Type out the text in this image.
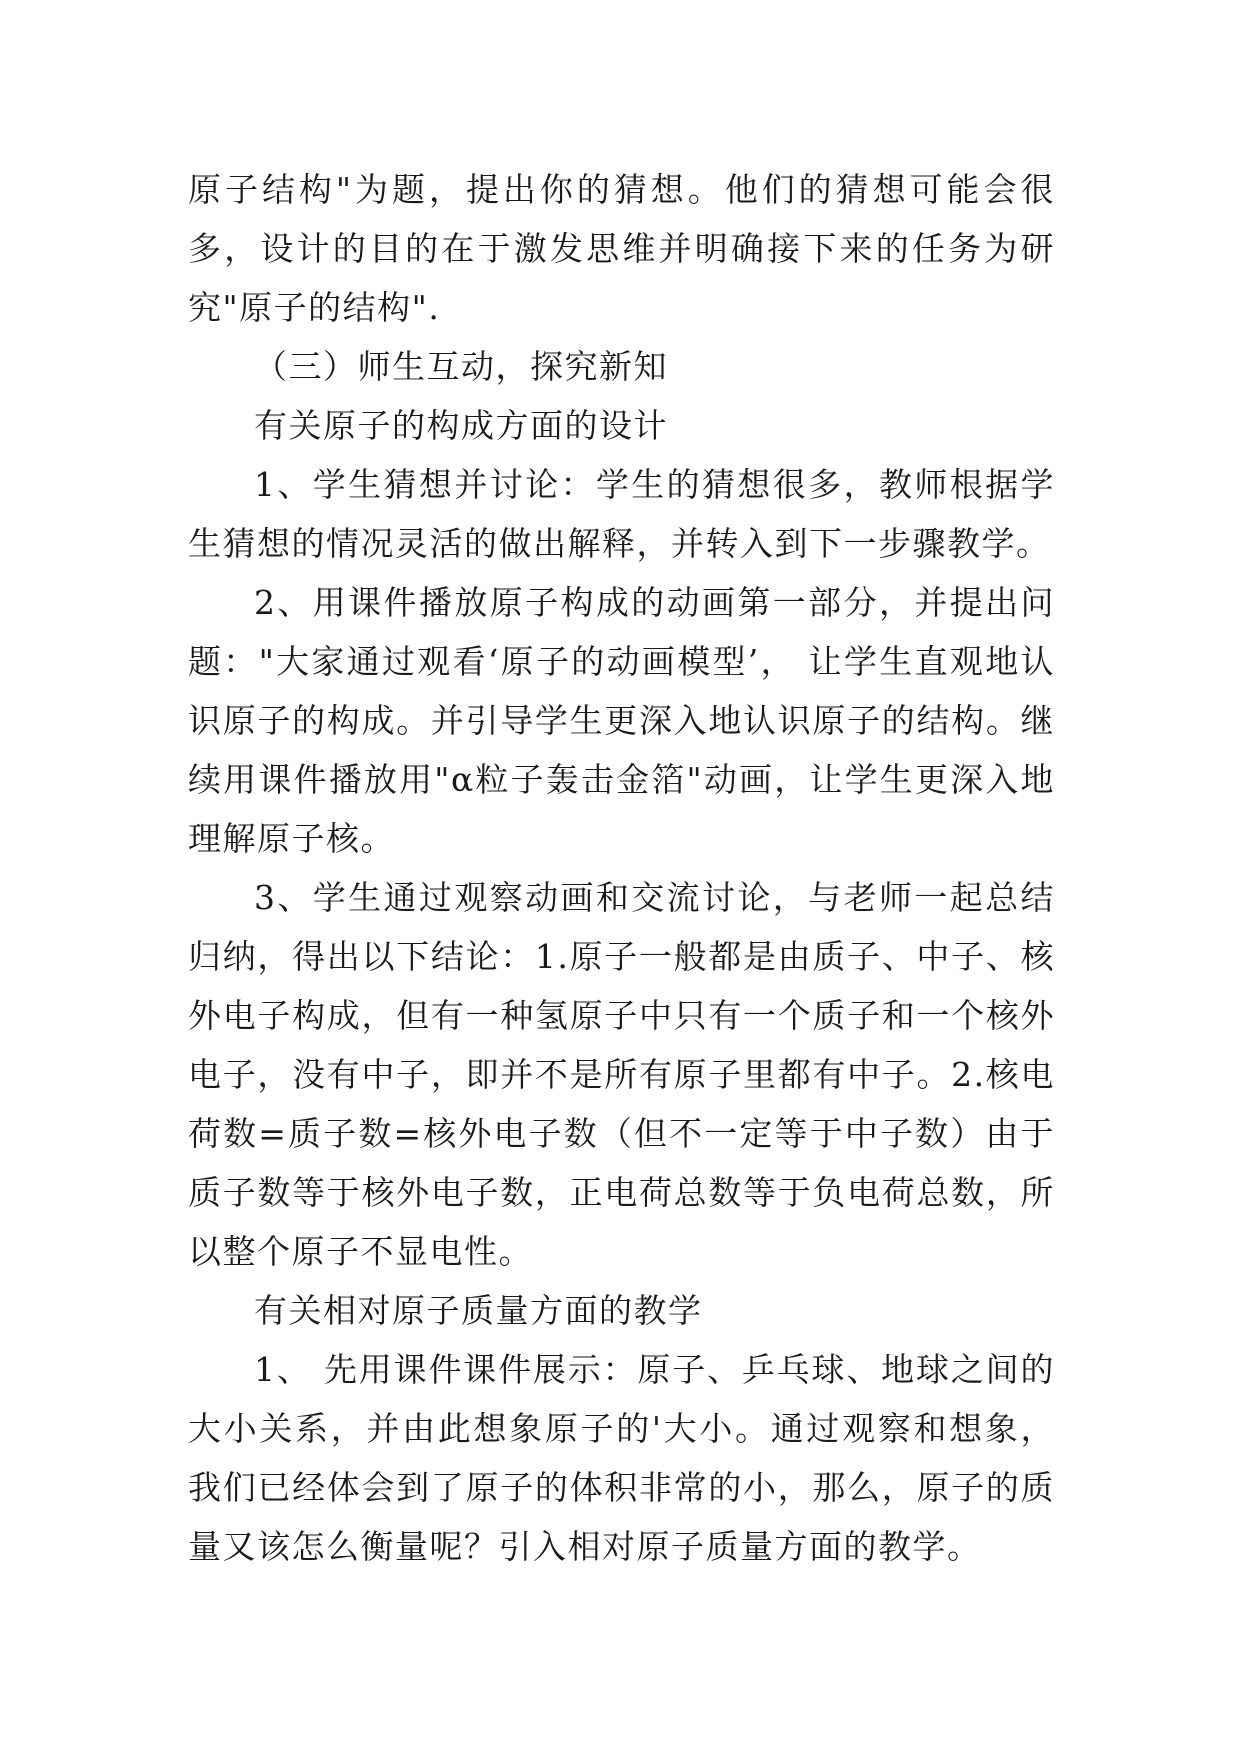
原子结构"为题，提出你的猜想。他们的猜想可能会很多，设计的目的在于激发思维并明确接下来的任务为研究"原子的结构".

（三）师生互动，探究新知

有关原子的构成方面的设计

1、学生猜想并讨论：学生的猜想很多，教师根据学生猜想的情况灵活的做出解释，并转入到下一步骤教学。

2、用课件播放原子构成的动画第一部分，并提出问题："大家通过观看‘原子的动画模型’， 让学生直观地认识原子的构成。并引导学生更深入地认识原子的结构。继续用课件播放用"α粒子轰击金箔"动画，让学生更深入地理解原子核。

3、学生通过观察动画和交流讨论，与老师一起总结归纳，得出以下结论：1.原子一般都是由质子、中子、核外电子构成，但有一种氢原子中只有一个质子和一个核外电子，没有中子，即并不是所有原子里都有中子。2.核电荷数=质子数=核外电子数（但不一定等于中子数）由于质子数等于核外电子数，正电荷总数等于负电荷总数，所以整个原子不显电性。

有关相对原子质量方面的教学

1、 先用课件课件展示：原子、乒乓球、地球之间的大小关系，并由此想象原子的'大小。通过观察和想象，我们已经体会到了原子的体积非常的小，那么，原子的质量又该怎么衡量呢？引入相对原子质量方面的教学。
